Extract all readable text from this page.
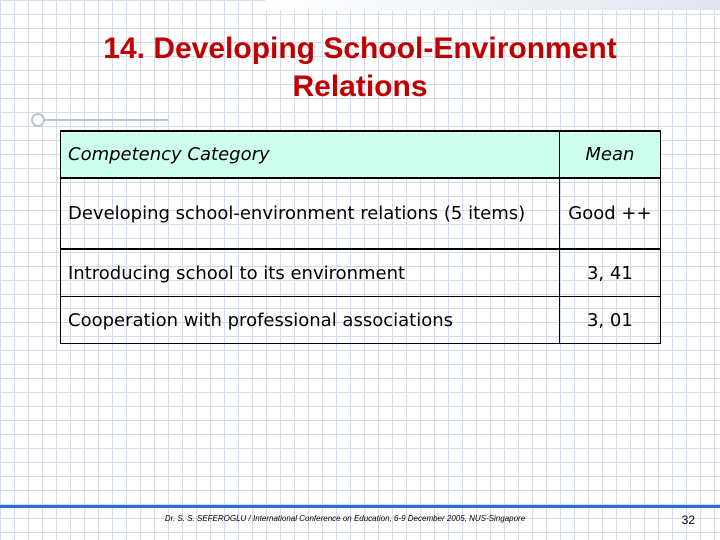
14. Developing School-Environment
Relations
Competency Category	Mean
Developing school-environment relations (5 items)	Good ++
Introducing school to its environment	3, 41
Cooperation with professional associations	3, 01
Dr. S. S. SEFEROGLU / International Conference on Education, 6-9 December 2005, NUS-Singapore	32
